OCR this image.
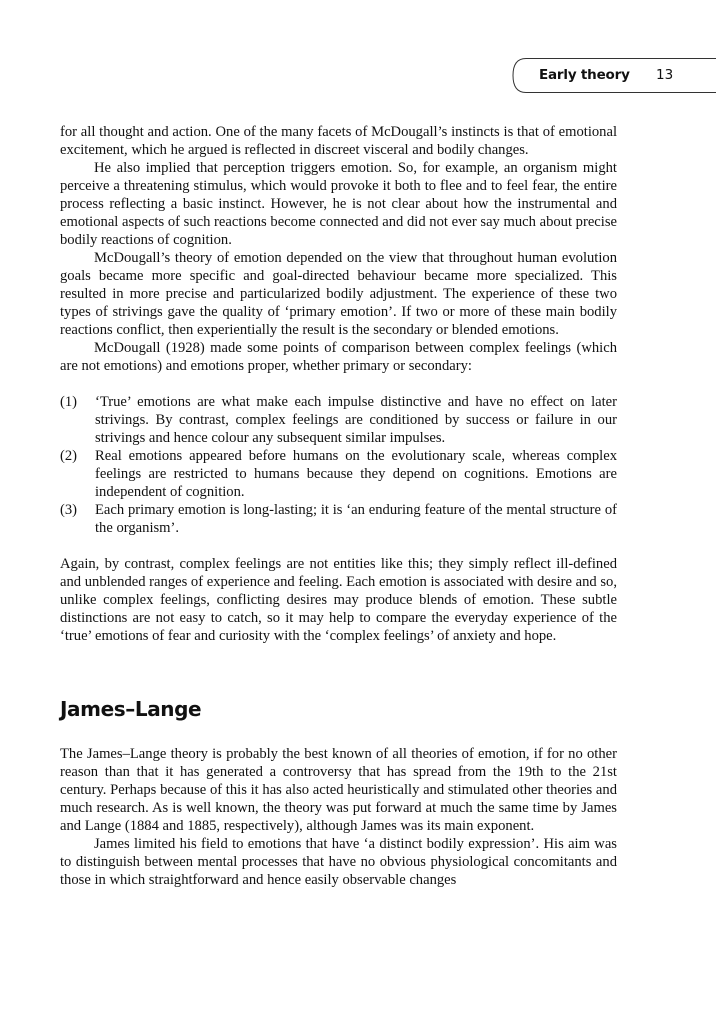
Early theory 13

for all thought and action. One of the many facets of McDougall’s instincts is that of emotional excitement, which he argued is reflected in discreet visceral and bodily changes.

He also implied that perception triggers emotion. So, for example, an organism might perceive a threatening stimulus, which would provoke it both to flee and to feel fear, the entire process reflecting a basic instinct. However, he is not clear about how the instrumental and emotional aspects of such reactions become connected and did not ever say much about precise bodily reactions of cognition.

McDougall’s theory of emotion depended on the view that throughout human evolution goals became more specific and goal-directed behaviour became more specialized. This resulted in more precise and particularized bodily adjustment. The experience of these two types of strivings gave the quality of ‘primary emotion’. If two or more of these main bodily reactions conflict, then experientially the result is the secondary or blended emotions.

McDougall (1928) made some points of comparison between complex feelings (which are not emotions) and emotions proper, whether primary or secondary:

(1)	‘True’ emotions are what make each impulse distinctive and have no effect on later strivings. By contrast, complex feelings are conditioned by success or failure in our strivings and hence colour any subsequent similar impulses.
(2)	Real emotions appeared before humans on the evolutionary scale, whereas complex feelings are restricted to humans because they depend on cognitions. Emotions are independent of cognition.
(3)	Each primary emotion is long-lasting; it is ‘an enduring feature of the mental structure of the organism’.

Again, by contrast, complex feelings are not entities like this; they simply reflect ill-defined and unblended ranges of experience and feeling. Each emotion is associated with desire and so, unlike complex feelings, conflicting desires may produce blends of emotion. These subtle distinctions are not easy to catch, so it may help to compare the everyday experience of the ‘true’ emotions of fear and curiosity with the ‘complex feelings’ of anxiety and hope.

James–Lange

The James–Lange theory is probably the best known of all theories of emotion, if for no other reason than that it has generated a controversy that has spread from the 19th to the 21st century. Perhaps because of this it has also acted heuristically and stimulated other theories and much research. As is well known, the theory was put forward at much the same time by James and Lange (1884 and 1885, respectively), although James was its main exponent.

James limited his field to emotions that have ‘a distinct bodily expression’. His aim was to distinguish between mental processes that have no obvious physiological concomitants and those in which straightforward and hence easily observable changes
